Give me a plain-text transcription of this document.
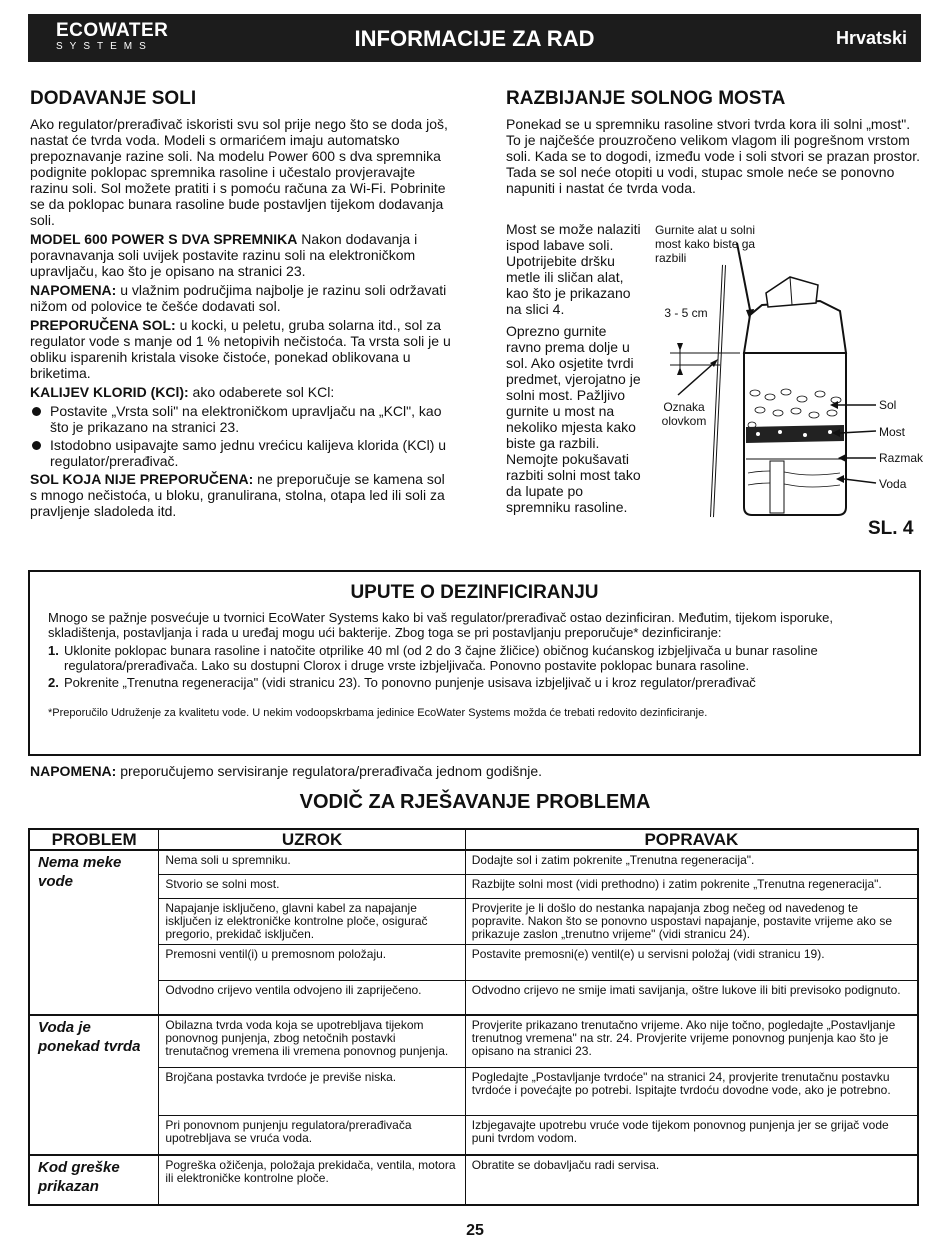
ECOWATER
SYSTEMS	INFORMACIJE ZA RAD	Hrvatski
DODAVANJE SOLI

Ako regulator/prerađivač iskoristi svu sol prije nego što se doda još, nastat će tvrda voda. Modeli s ormarićem imaju automatsko prepoznavanje razine soli. Na modelu Power 600 s dva spremnika podignite poklopac spremnika rasoline i učestalo provjeravajte razinu soli. Sol možete pratiti i s pomoću računa za Wi-Fi. Pobrinite se da poklopac bunara rasoline bude postavljen tijekom dodavanja soli.

MODEL 600 POWER S DVA SPREMNIKA Nakon dodavanja i poravnavanja soli uvijek postavite razinu soli na elektroničkom upravljaču, kao što je opisano na stranici 23.

NAPOMENA: u vlažnim područjima najbolje je razinu soli održavati nižom od polovice te češće dodavati sol.

PREPORUČENA SOL: u kocki, u peletu, gruba solarna itd., sol za regulator vode s manje od 1 % netopivih nečistoća. Ta vrsta soli je u obliku isparenih kristala visoke čistoće, ponekad oblikovana u briketima.

KALIJEV KLORID (KCl): ako odaberete sol KCl:

Postavite „Vrsta soli" na elektroničkom upravljaču na „KCl", kao što je prikazano na stranici 23.
Istodobno usipavajte samo jednu vrećicu kalijeva klorida (KCl) u regulator/prerađivač.

SOL KOJA NIJE PREPORUČENA: ne preporučuje se kamena sol s mnogo nečistoća, u bloku, granulirana, stolna, otapa led ili soli za pravljenje sladoleda itd.

RAZBIJANJE SOLNOG MOSTA

Ponekad se u spremniku rasoline stvori tvrda kora ili solni „most". To je najčešće prouzročeno velikom vlagom ili pogrešnom vrstom soli. Kada se to dogodi, između vode i soli stvori se prazan prostor. Tada se sol neće otopiti u vodi, stupac smole neće se ponovno napuniti i nastat će tvrda voda.

Most se može nalaziti ispod labave soli. Upotrijebite dršku metle ili sličan alat, kao što je prikazano na slici 4.

Oprezno gurnite ravno prema dolje u sol. Ako osjetite tvrdi predmet, vjerojatno je solni most. Pažljivo gurnite u most na nekoliko mjesta kako biste ga razbili. Nemojte pokušavati razbiti solni most tako da lupate po spremniku rasoline.

Gurnite alat u solni most kako biste ga razbili
3 - 5 cm
Oznaka olovkom
Sol
Most
Razmak
Voda
SL. 4
UPUTE O DEZINFICIRANJU

Mnogo se pažnje posvećuje u tvornici EcoWater Systems kako bi vaš regulator/prerađivač ostao dezinficiran. Međutim, tijekom isporuke, skladištenja, postavljanja i rada u uređaj mogu ući bakterije. Zbog toga se pri postavljanju preporučuje* dezinficiranje:

1. Uklonite poklopac bunara rasoline i natočite otprilike 40 ml (od 2 do 3 čajne žličice) običnog kućanskog izbjeljivača u bunar rasoline regulatora/prerađivača. Lako su dostupni Clorox i druge vrste izbjeljivača. Ponovno postavite poklopac bunara rasoline.
2. Pokrenite „Trenutna regeneracija" (vidi stranicu 23). To ponovno punjenje usisava izbjeljivač u i kroz regulator/prerađivač

*Preporučilo Udruženje za kvalitetu vode. U nekim vodoopskrbama jedinice EcoWater Systems možda će trebati redovito dezinficiranje.

NAPOMENA: preporučujemo servisiranje regulatora/prerađivača jednom godišnje.
VODIČ ZA RJEŠAVANJE PROBLEMA
PROBLEM	UZROK	POPRAVAK
Nema meke vode	Nema soli u spremniku.	Dodajte sol i zatim pokrenite „Trenutna regeneracija".
	Stvorio se solni most.	Razbijte solni most (vidi prethodno) i zatim pokrenite „Trenutna regeneracija".
	Napajanje isključeno, glavni kabel za napajanje isključen iz elektroničke kontrolne ploče, osigurač pregorio, prekidač isključen.	Provjerite je li došlo do nestanka napajanja zbog nečeg od navedenog te popravite. Nakon što se ponovno uspostavi napajanje, postavite vrijeme ako se prikazuje zaslon „trenutno vrijeme" (vidi stranicu 24).
	Premosni ventil(i) u premosnom položaju.	Postavite premosni(e) ventil(e) u servisni položaj (vidi stranicu 19).
	Odvodno crijevo ventila odvojeno ili zapriječeno.	Odvodno crijevo ne smije imati savijanja, oštre lukove ili biti previsoko podignuto.
Voda je ponekad tvrda	Obilazna tvrda voda koja se upotrebljava tijekom ponovnog punjenja, zbog netočnih postavki trenutačnog vremena ili vremena ponovnog punjenja.	Provjerite prikazano trenutačno vrijeme. Ako nije točno, pogledajte „Postavljanje trenutnog vremena" na str. 24. Provjerite vrijeme ponovnog punjenja kao što je opisano na stranici 23.
	Brojčana postavka tvrdoće je previše niska.	Pogledajte „Postavljanje tvrdoće" na stranici 24, provjerite trenutačnu postavku tvrdoće i povećajte po potrebi. Ispitajte tvrdoću dovodne vode, ako je potrebno.
	Pri ponovnom punjenju regulatora/prerađivača upotrebljava se vruća voda.	Izbjegavajte upotrebu vruće vode tijekom ponovnog punjenja jer se grijač vode puni tvrdom vodom.
Kod greške prikazan	Pogreška ožičenja, položaja prekidača, ventila, motora ili elektroničke kontrolne ploče.	Obratite se dobavljaču radi servisa.
25
